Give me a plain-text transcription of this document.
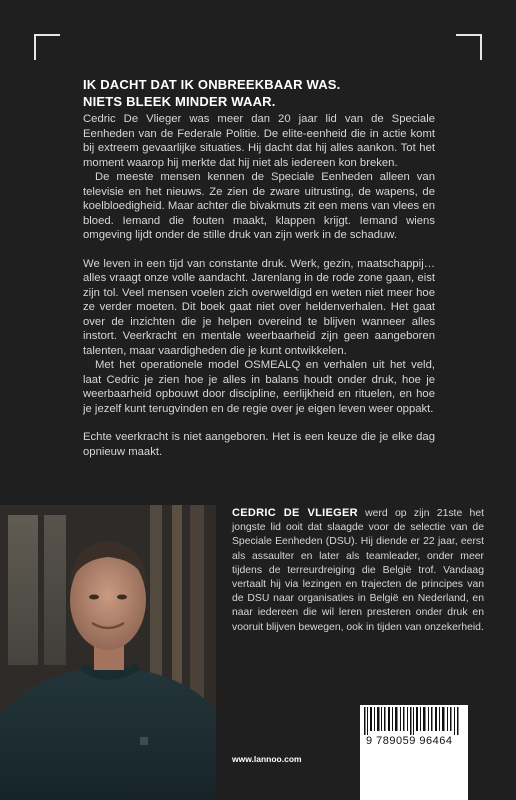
IK DACHT DAT IK ONBREEKBAAR WAS.
NIETS BLEEK MINDER WAAR.

Cedric De Vlieger was meer dan 20 jaar lid van de Speciale Eenheden van de Federale Politie. De elite-eenheid die in actie komt bij extreem gevaarlijke situaties. Hij dacht dat hij alles aankon. Tot het moment waarop hij merkte dat hij niet als iedereen kon breken.

De meeste mensen kennen de Speciale Eenheden alleen van televisie en het nieuws. Ze zien de zware uitrusting, de wapens, de koelbloedigheid. Maar achter die bivakmuts zit een mens van vlees en bloed. Iemand die fouten maakt, klappen krijgt. Iemand wiens omgeving lijdt onder de stille druk van zijn werk in de schaduw.

We leven in een tijd van constante druk. Werk, gezin, maatschappij… alles vraagt onze volle aandacht. Jarenlang in de rode zone gaan, eist zijn tol. Veel mensen voelen zich overweldigd en weten niet meer hoe ze verder moeten. Dit boek gaat niet over heldenverhalen. Het gaat over de inzichten die je helpen overeind te blijven wanneer alles instort. Veerkracht en mentale weerbaarheid zijn geen aangeboren talenten, maar vaardigheden die je kunt ontwikkelen.

Met het operationele model OSMEALQ en verhalen uit het veld, laat Cedric je zien hoe je alles in balans houdt onder druk, hoe je weerbaarheid opbouwt door discipline, eerlijkheid en rituelen, en hoe je jezelf kunt terugvinden en de regie over je eigen leven weer oppakt.

Echte veerkracht is niet aangeboren. Het is een keuze die je elke dag opnieuw maakt.

CEDRIC DE VLIEGER werd op zijn 21ste het jongste lid ooit dat slaagde voor de selectie van de Speciale Eenheden (DSU). Hij diende er 22 jaar, eerst als assaulter en later als teamleader, onder meer tijdens de terreurdreiging die België trof. Vandaag vertaalt hij via lezingen en trajecten de principes van de DSU naar organisaties in België en Nederland, en naar iedereen die wil leren presteren onder druk en vooruit blijven bewegen, ook in tijden van onzekerheid.

www.lannoo.com
9 789059 96464
